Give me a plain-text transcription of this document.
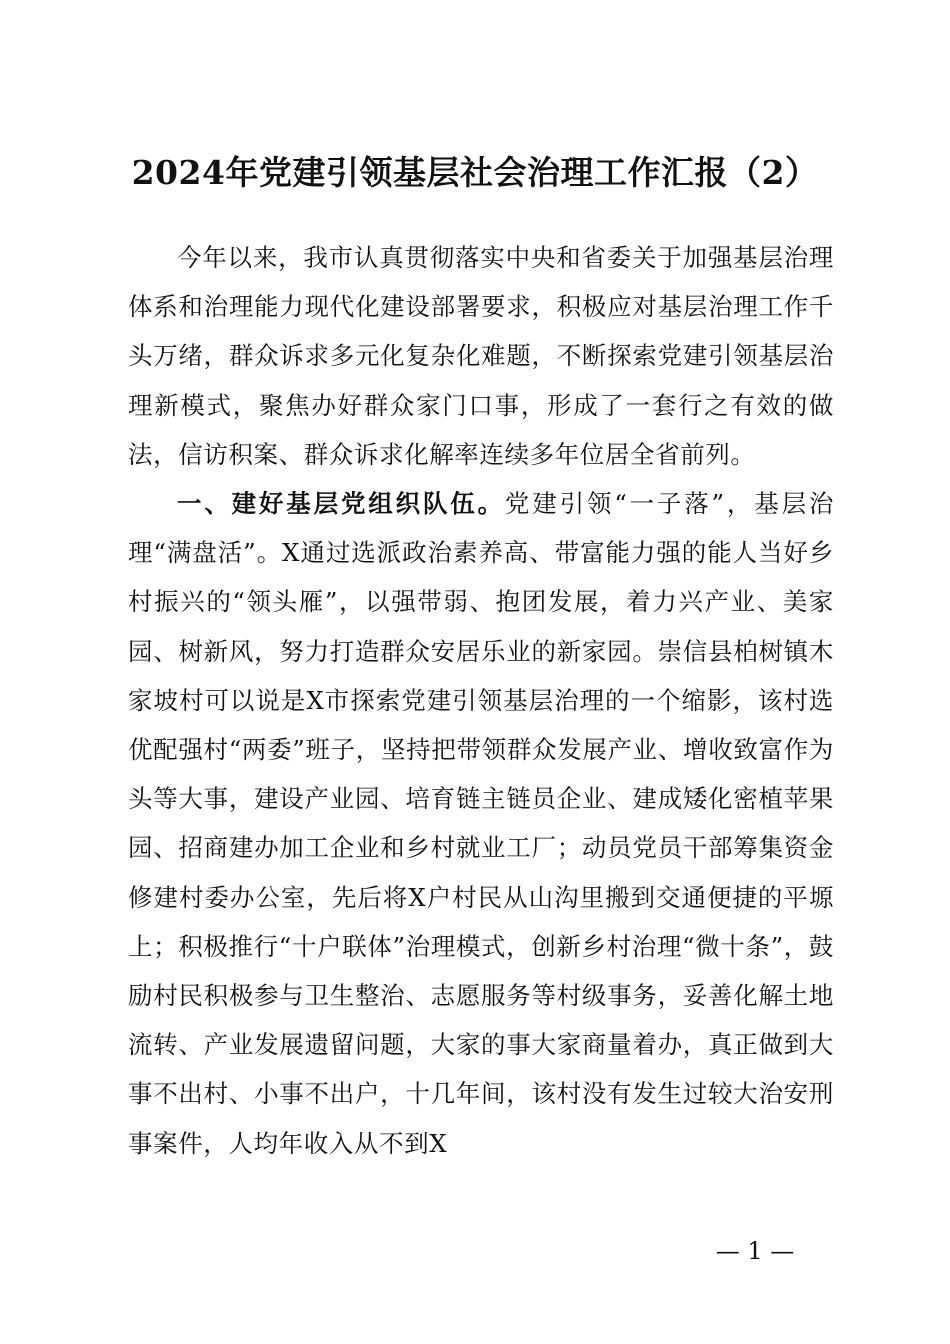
2024年党建引领基层社会治理工作汇报（2）

今年以来，我市认真贯彻落实中央和省委关于加强基层治理体系和治理能力现代化建设部署要求，积极应对基层治理工作千头万绪，群众诉求多元化复杂化难题，不断探索党建引领基层治理新模式，聚焦办好群众家门口事，形成了一套行之有效的做法，信访积案、群众诉求化解率连续多年位居全省前列。

一、建好基层党组织队伍。党建引领“一子落”，基层治理“满盘活”。X通过选派政治素养高、带富能力强的能人当好乡村振兴的“领头雁”，以强带弱、抱团发展，着力兴产业、美家园、树新风，努力打造群众安居乐业的新家园。崇信县柏树镇木家坡村可以说是X市探索党建引领基层治理的一个缩影，该村选优配强村“两委”班子，坚持把带领群众发展产业、增收致富作为头等大事，建设产业园、培育链主链员企业、建成矮化密植苹果园、招商建办加工企业和乡村就业工厂；动员党员干部筹集资金修建村委办公室，先后将X户村民从山沟里搬到交通便捷的平塬上；积极推行“十户联体”治理模式，创新乡村治理“微十条”，鼓励村民积极参与卫生整治、志愿服务等村级事务，妥善化解土地流转、产业发展遗留问题，大家的事大家商量着办，真正做到大事不出村、小事不出户，十几年间，该村没有发生过较大治安刑事案件，人均年收入从不到X

— 1 —
